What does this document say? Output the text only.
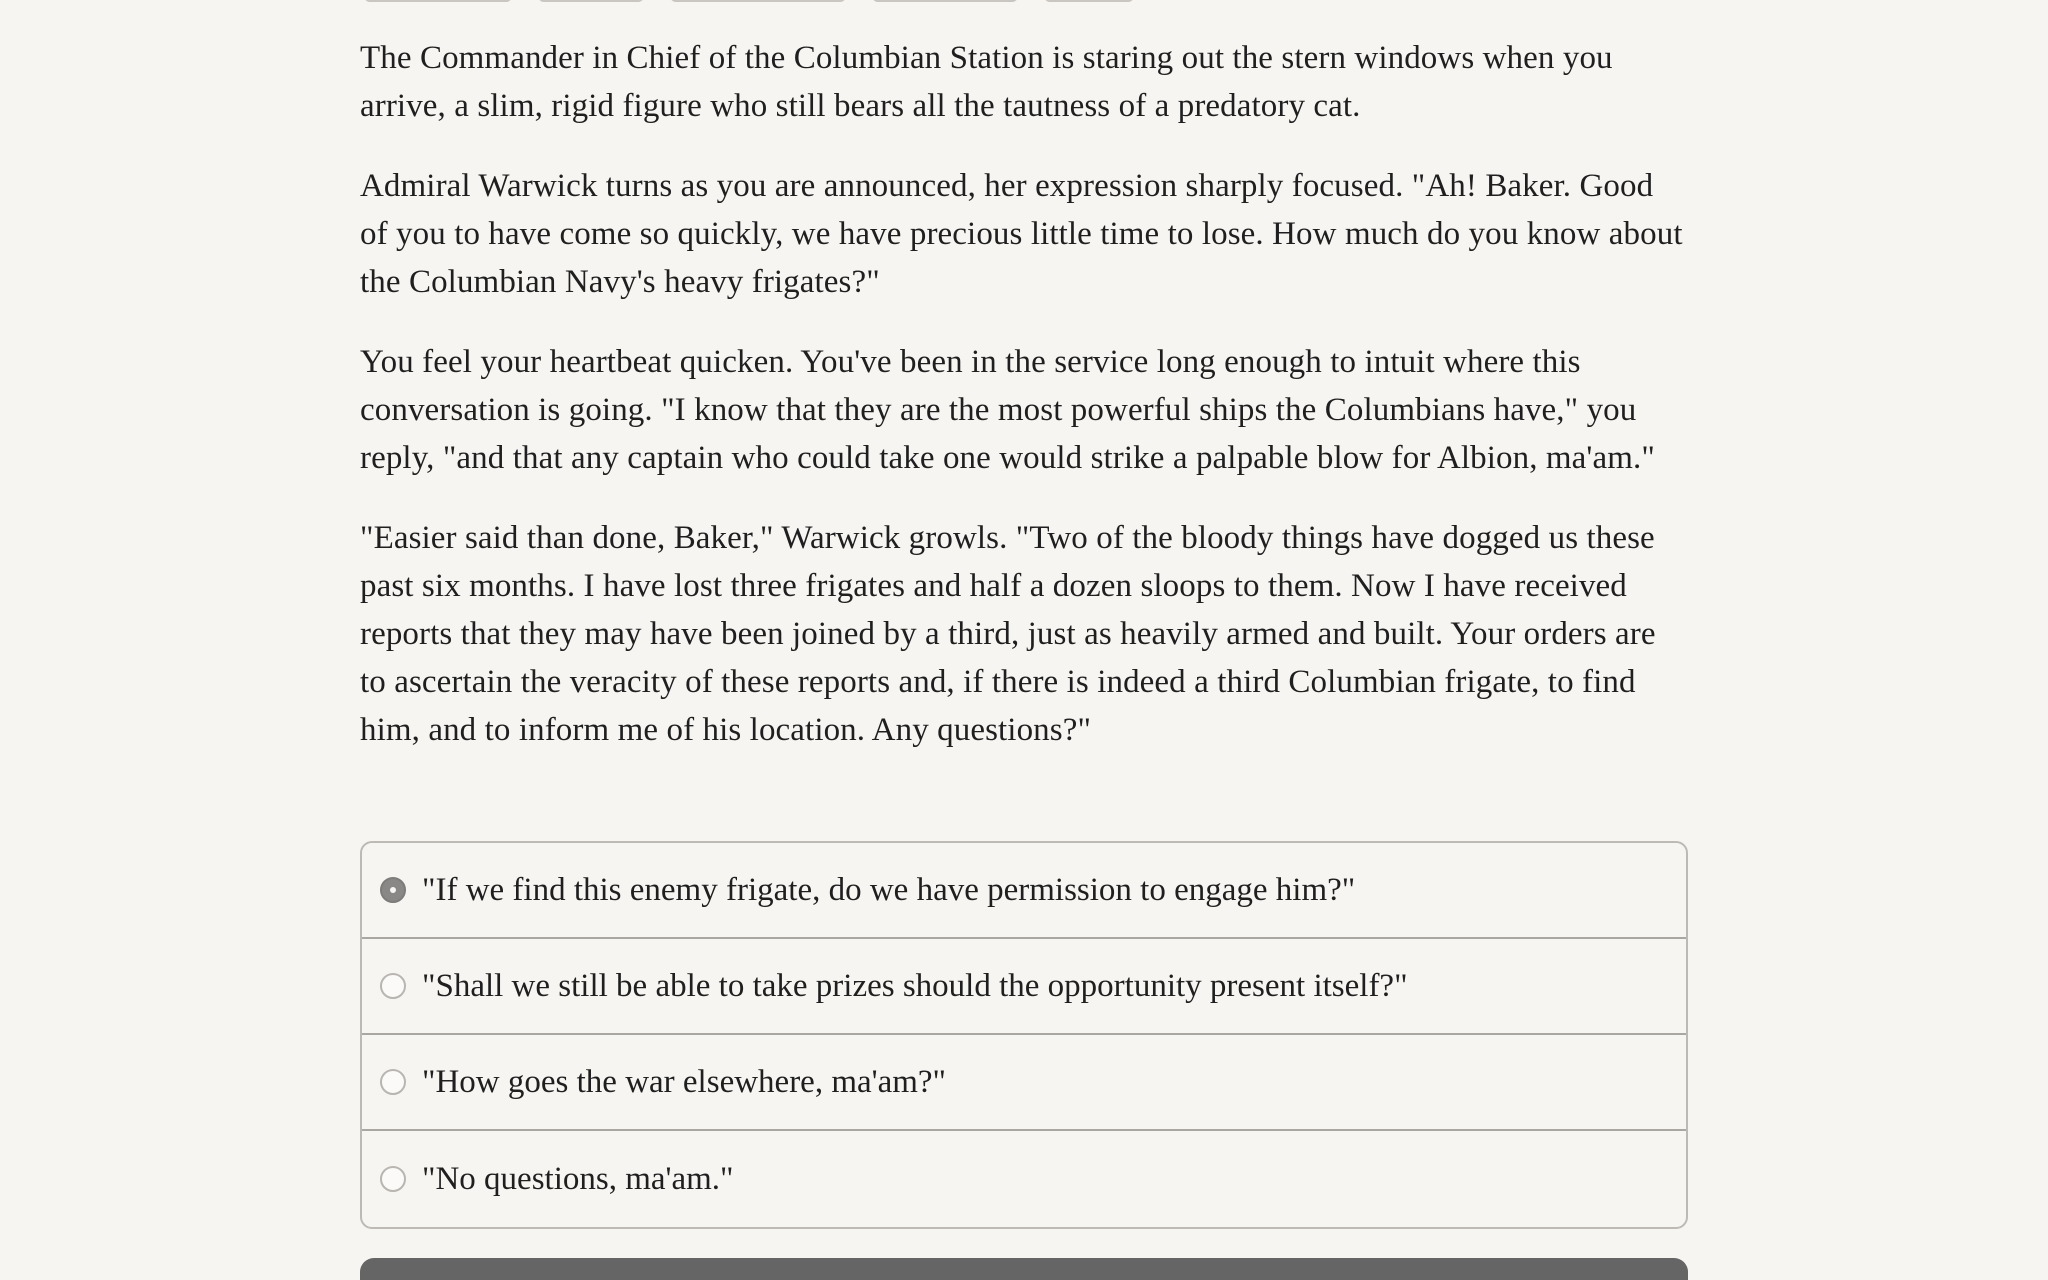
The Commander in Chief of the Columbian Station is staring out the stern windows when you arrive, a slim, rigid figure who still bears all the tautness of a predatory cat.

Admiral Warwick turns as you are announced, her expression sharply focused. "Ah! Baker. Good of you to have come so quickly, we have precious little time to lose. How much do you know about the Columbian Navy's heavy frigates?"

You feel your heartbeat quicken. You've been in the service long enough to intuit where this conversation is going. "I know that they are the most powerful ships the Columbians have," you reply, "and that any captain who could take one would strike a palpable blow for Albion, ma'am."

"Easier said than done, Baker," Warwick growls. "Two of the bloody things have dogged us these past six months. I have lost three frigates and half a dozen sloops to them. Now I have received reports that they may have been joined by a third, just as heavily armed and built. Your orders are to ascertain the veracity of these reports and, if there is indeed a third Columbian frigate, to find him, and to inform me of his location. Any questions?"

"If we find this enemy frigate, do we have permission to engage him?"
"Shall we still be able to take prizes should the opportunity present itself?"
"How goes the war elsewhere, ma'am?"
"No questions, ma'am."
